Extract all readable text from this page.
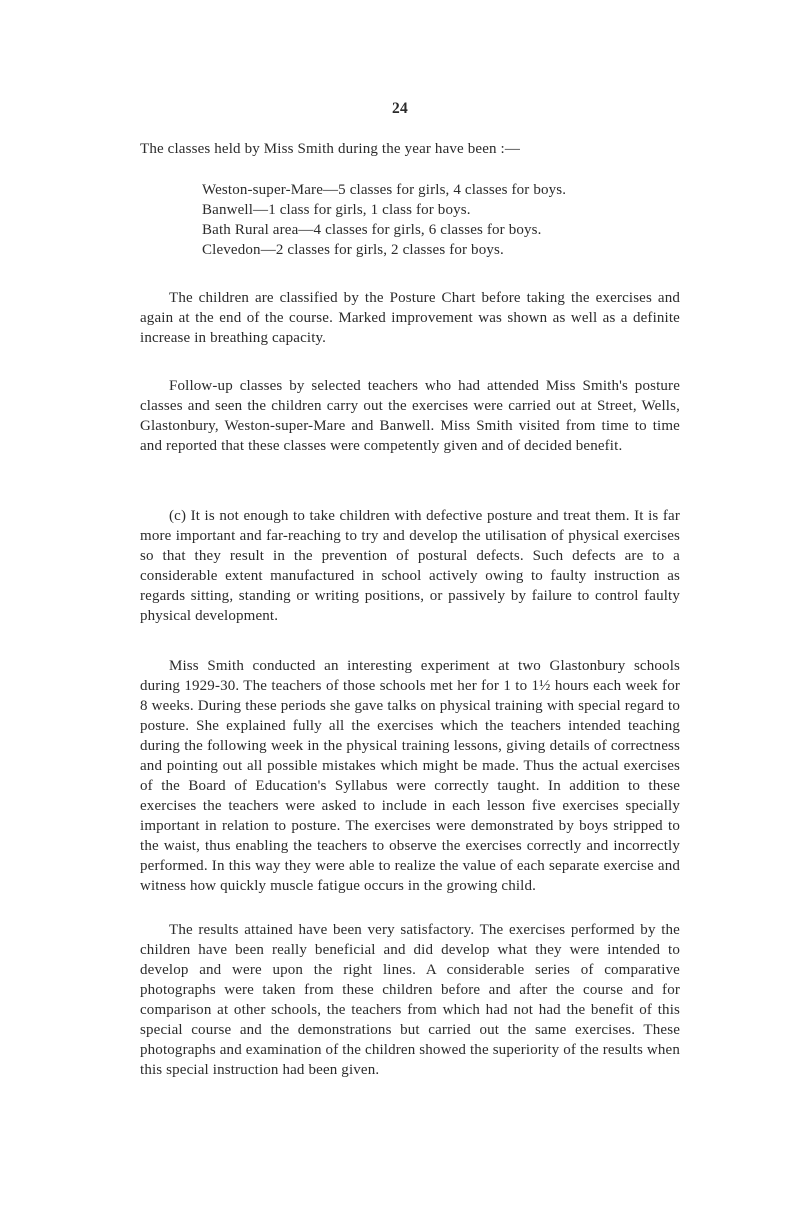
24
The classes held by Miss Smith during the year have been :—
Weston-super-Mare—5 classes for girls, 4 classes for boys.
Banwell—1 class for girls, 1 class for boys.
Bath Rural area—4 classes for girls, 6 classes for boys.
Clevedon—2 classes for girls, 2 classes for boys.

The children are classified by the Posture Chart before taking the exercises and again at the end of the course. Marked improvement was shown as well as a definite increase in breathing capacity.

Follow-up classes by selected teachers who had attended Miss Smith's posture classes and seen the children carry out the exercises were carried out at Street, Wells, Glastonbury, Weston-super-Mare and Banwell. Miss Smith visited from time to time and reported that these classes were competently given and of decided benefit.

(c) It is not enough to take children with defective posture and treat them. It is far more important and far-reaching to try and develop the utilisation of physical exercises so that they result in the prevention of postural defects. Such defects are to a considerable extent manufactured in school actively owing to faulty instruction as regards sitting, standing or writing positions, or passively by failure to control faulty physical development.

Miss Smith conducted an interesting experiment at two Glastonbury schools during 1929-30. The teachers of those schools met her for 1 to 1½ hours each week for 8 weeks. During these periods she gave talks on physical training with special regard to posture. She explained fully all the exercises which the teachers intended teaching during the following week in the physical training lessons, giving details of correctness and pointing out all possible mistakes which might be made. Thus the actual exercises of the Board of Education's Syllabus were correctly taught. In addition to these exercises the teachers were asked to include in each lesson five exercises specially important in relation to posture. The exercises were demonstrated by boys stripped to the waist, thus enabling the teachers to observe the exercises correctly and incorrectly performed. In this way they were able to realize the value of each separate exercise and witness how quickly muscle fatigue occurs in the growing child.

The results attained have been very satisfactory. The exercises performed by the children have been really beneficial and did develop what they were intended to develop and were upon the right lines. A considerable series of comparative photographs were taken from these children before and after the course and for comparison at other schools, the teachers from which had not had the benefit of this special course and the demonstrations but carried out the same exercises. These photographs and examination of the children showed the superiority of the results when this special instruction had been given.
